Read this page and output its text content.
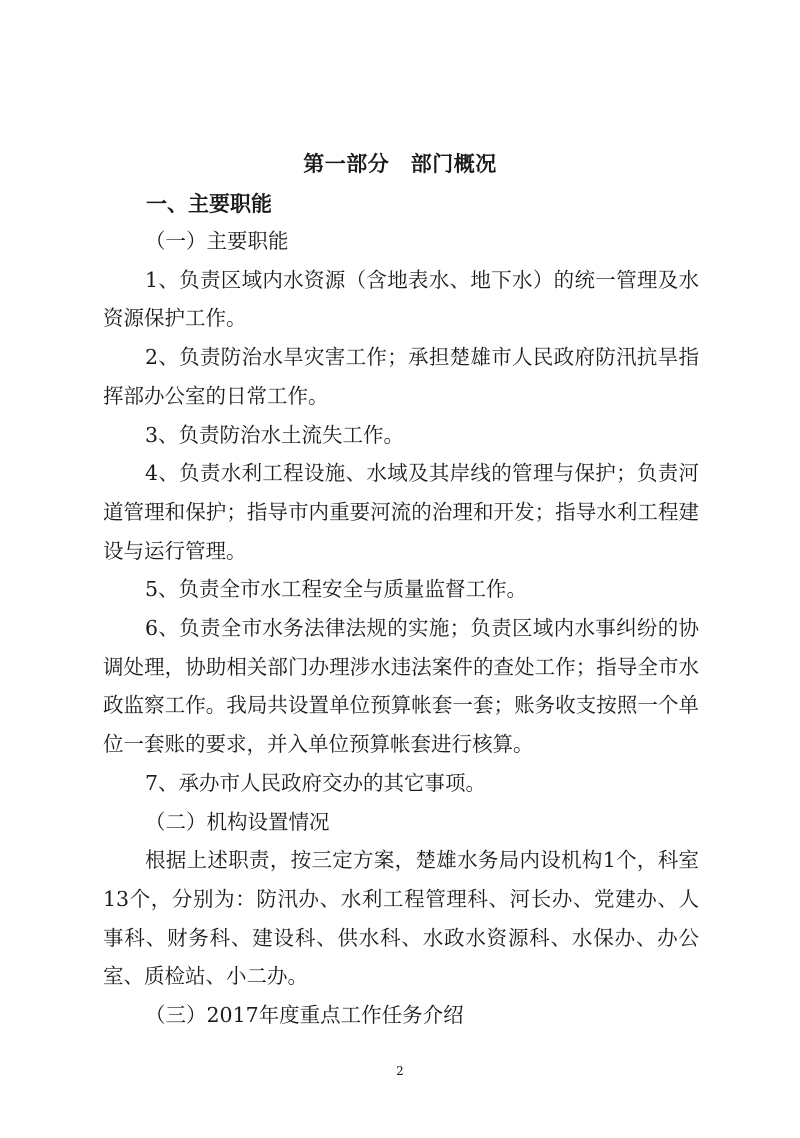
第一部分　部门概况
一、主要职能

（一）主要职能

1、负责区域内水资源（含地表水、地下水）的统一管理及水资源保护工作。

2、负责防治水旱灾害工作；承担楚雄市人民政府防汛抗旱指挥部办公室的日常工作。

3、负责防治水土流失工作。

4、负责水利工程设施、水域及其岸线的管理与保护；负责河道管理和保护；指导市内重要河流的治理和开发；指导水利工程建设与运行管理。

5、负责全市水工程安全与质量监督工作。

6、负责全市水务法律法规的实施；负责区域内水事纠纷的协调处理，协助相关部门办理涉水违法案件的查处工作；指导全市水政监察工作。我局共设置单位预算帐套一套；账务收支按照一个单位一套账的要求，并入单位预算帐套进行核算。

7、承办市人民政府交办的其它事项。

（二）机构设置情况

根据上述职责，按三定方案，楚雄水务局内设机构1个，科室13个，分别为：防汛办、水利工程管理科、河长办、党建办、人事科、财务科、建设科、供水科、水政水资源科、水保办、办公室、质检站、小二办。

（三）2017年度重点工作任务介绍

2
